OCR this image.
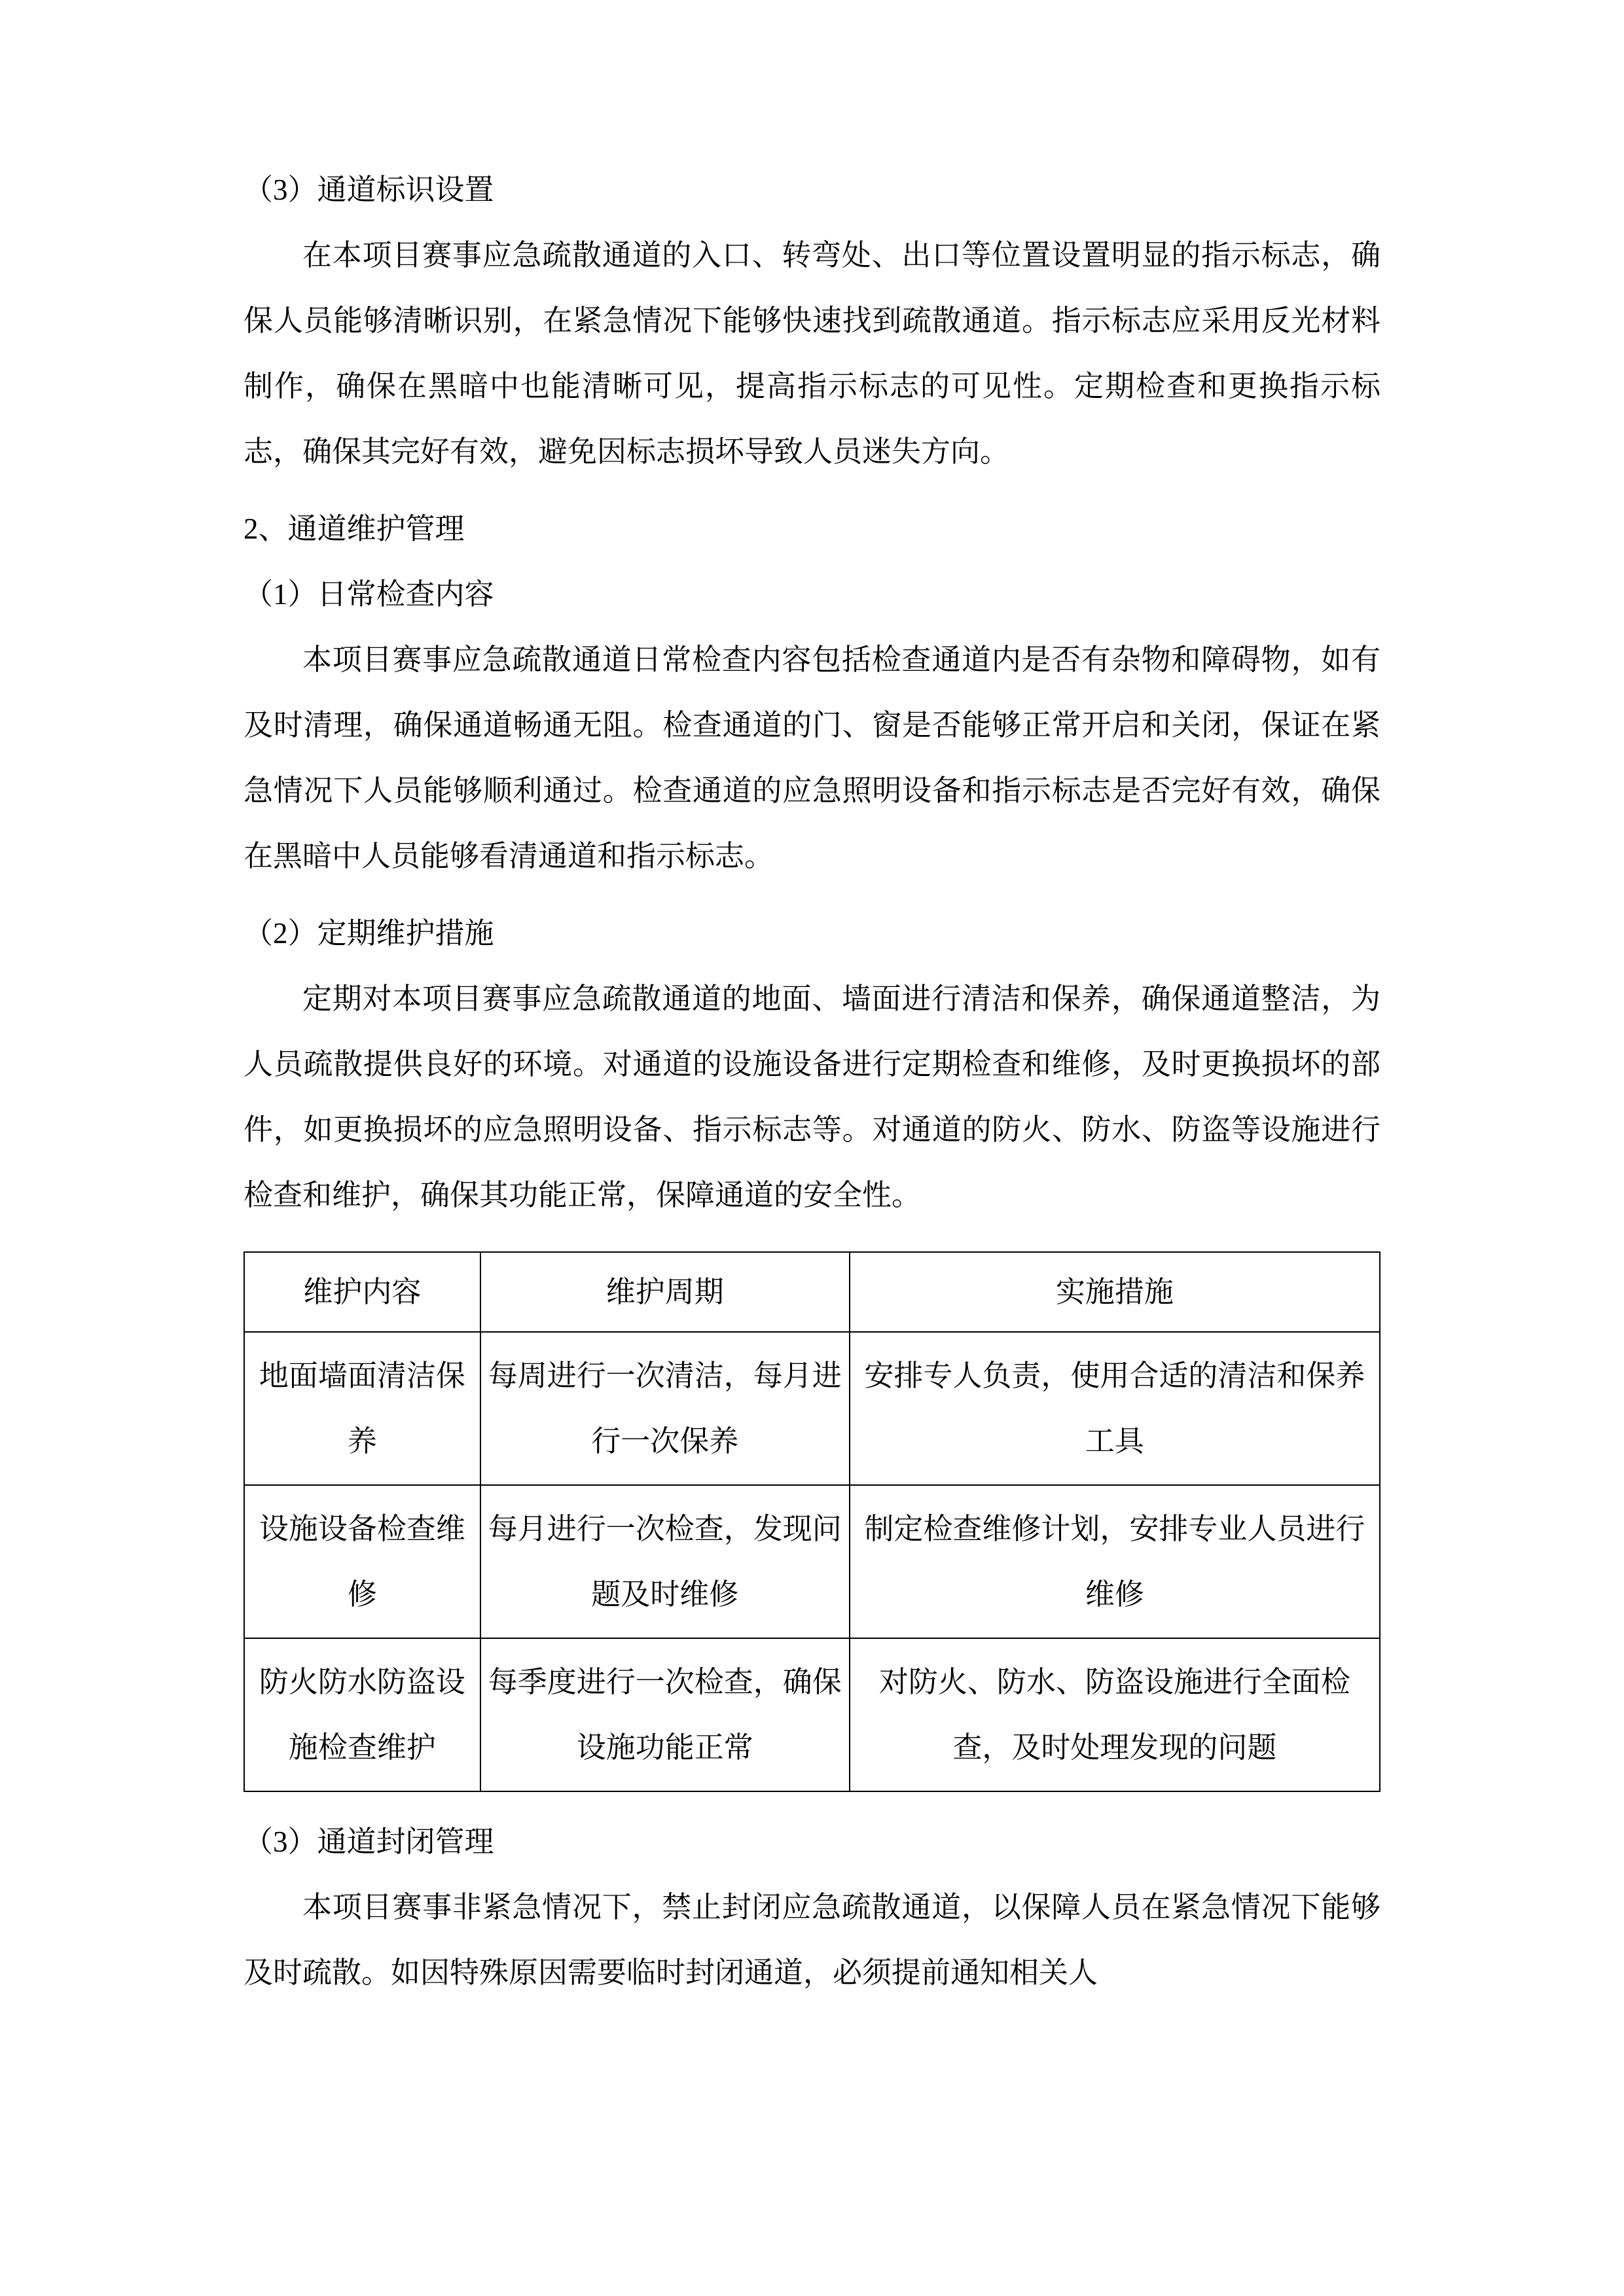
（3）通道标识设置
在本项目赛事应急疏散通道的入口、转弯处、出口等位置设置明显的指示标志，确保人员能够清晰识别，在紧急情况下能够快速找到疏散通道。指示标志应采用反光材料制作，确保在黑暗中也能清晰可见，提高指示标志的可见性。定期检查和更换指示标志，确保其完好有效，避免因标志损坏导致人员迷失方向。
2、通道维护管理
（1）日常检查内容
本项目赛事应急疏散通道日常检查内容包括检查通道内是否有杂物和障碍物，如有及时清理，确保通道畅通无阻。检查通道的门、窗是否能够正常开启和关闭，保证在紧急情况下人员能够顺利通过。检查通道的应急照明设备和指示标志是否完好有效，确保在黑暗中人员能够看清通道和指示标志。
（2）定期维护措施
定期对本项目赛事应急疏散通道的地面、墙面进行清洁和保养，确保通道整洁，为人员疏散提供良好的环境。对通道的设施设备进行定期检查和维修，及时更换损坏的部件，如更换损坏的应急照明设备、指示标志等。对通道的防火、防水、防盗等设施进行检查和维护，确保其功能正常，保障通道的安全性。
维护内容	维护周期	实施措施
地面墙面清洁保养	每周进行一次清洁，每月进行一次保养	安排专人负责，使用合适的清洁和保养工具
设施设备检查维修	每月进行一次检查，发现问题及时维修	制定检查维修计划，安排专业人员进行维修
防火防水防盗设施检查维护	每季度进行一次检查，确保设施功能正常	对防火、防水、防盗设施进行全面检查，及时处理发现的问题
（3）通道封闭管理
本项目赛事非紧急情况下，禁止封闭应急疏散通道，以保障人员在紧急情况下能够及时疏散。如因特殊原因需要临时封闭通道，必须提前通知相关人
